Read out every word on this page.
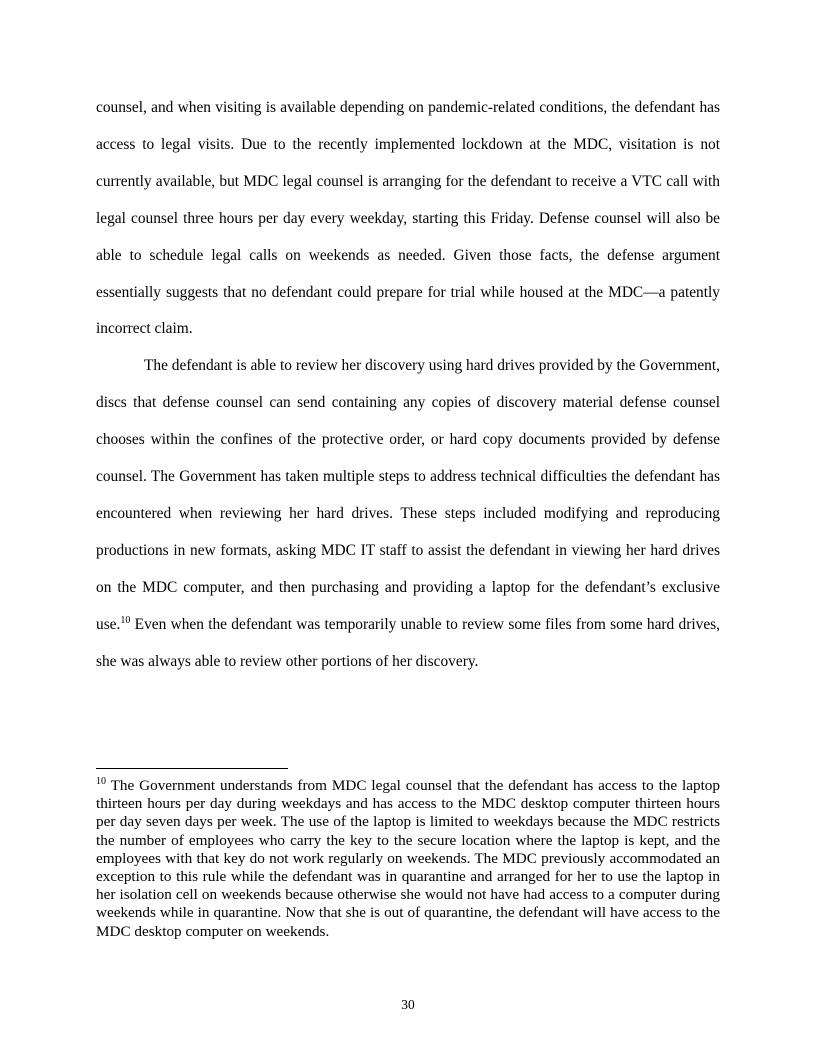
counsel, and when visiting is available depending on pandemic-related conditions, the defendant has access to legal visits. Due to the recently implemented lockdown at the MDC, visitation is not currently available, but MDC legal counsel is arranging for the defendant to receive a VTC call with legal counsel three hours per day every weekday, starting this Friday. Defense counsel will also be able to schedule legal calls on weekends as needed. Given those facts, the defense argument essentially suggests that no defendant could prepare for trial while housed at the MDC—a patently incorrect claim.

The defendant is able to review her discovery using hard drives provided by the Government, discs that defense counsel can send containing any copies of discovery material defense counsel chooses within the confines of the protective order, or hard copy documents provided by defense counsel. The Government has taken multiple steps to address technical difficulties the defendant has encountered when reviewing her hard drives. These steps included modifying and reproducing productions in new formats, asking MDC IT staff to assist the defendant in viewing her hard drives on the MDC computer, and then purchasing and providing a laptop for the defendant’s exclusive use.$^{10}$ Even when the defendant was temporarily unable to review some files from some hard drives, she was always able to review other portions of her discovery.

$^{10}$ The Government understands from MDC legal counsel that the defendant has access to the laptop thirteen hours per day during weekdays and has access to the MDC desktop computer thirteen hours per day seven days per week. The use of the laptop is limited to weekdays because the MDC restricts the number of employees who carry the key to the secure location where the laptop is kept, and the employees with that key do not work regularly on weekends. The MDC previously accommodated an exception to this rule while the defendant was in quarantine and arranged for her to use the laptop in her isolation cell on weekends because otherwise she would not have had access to a computer during weekends while in quarantine. Now that she is out of quarantine, the defendant will have access to the MDC desktop computer on weekends.

30
